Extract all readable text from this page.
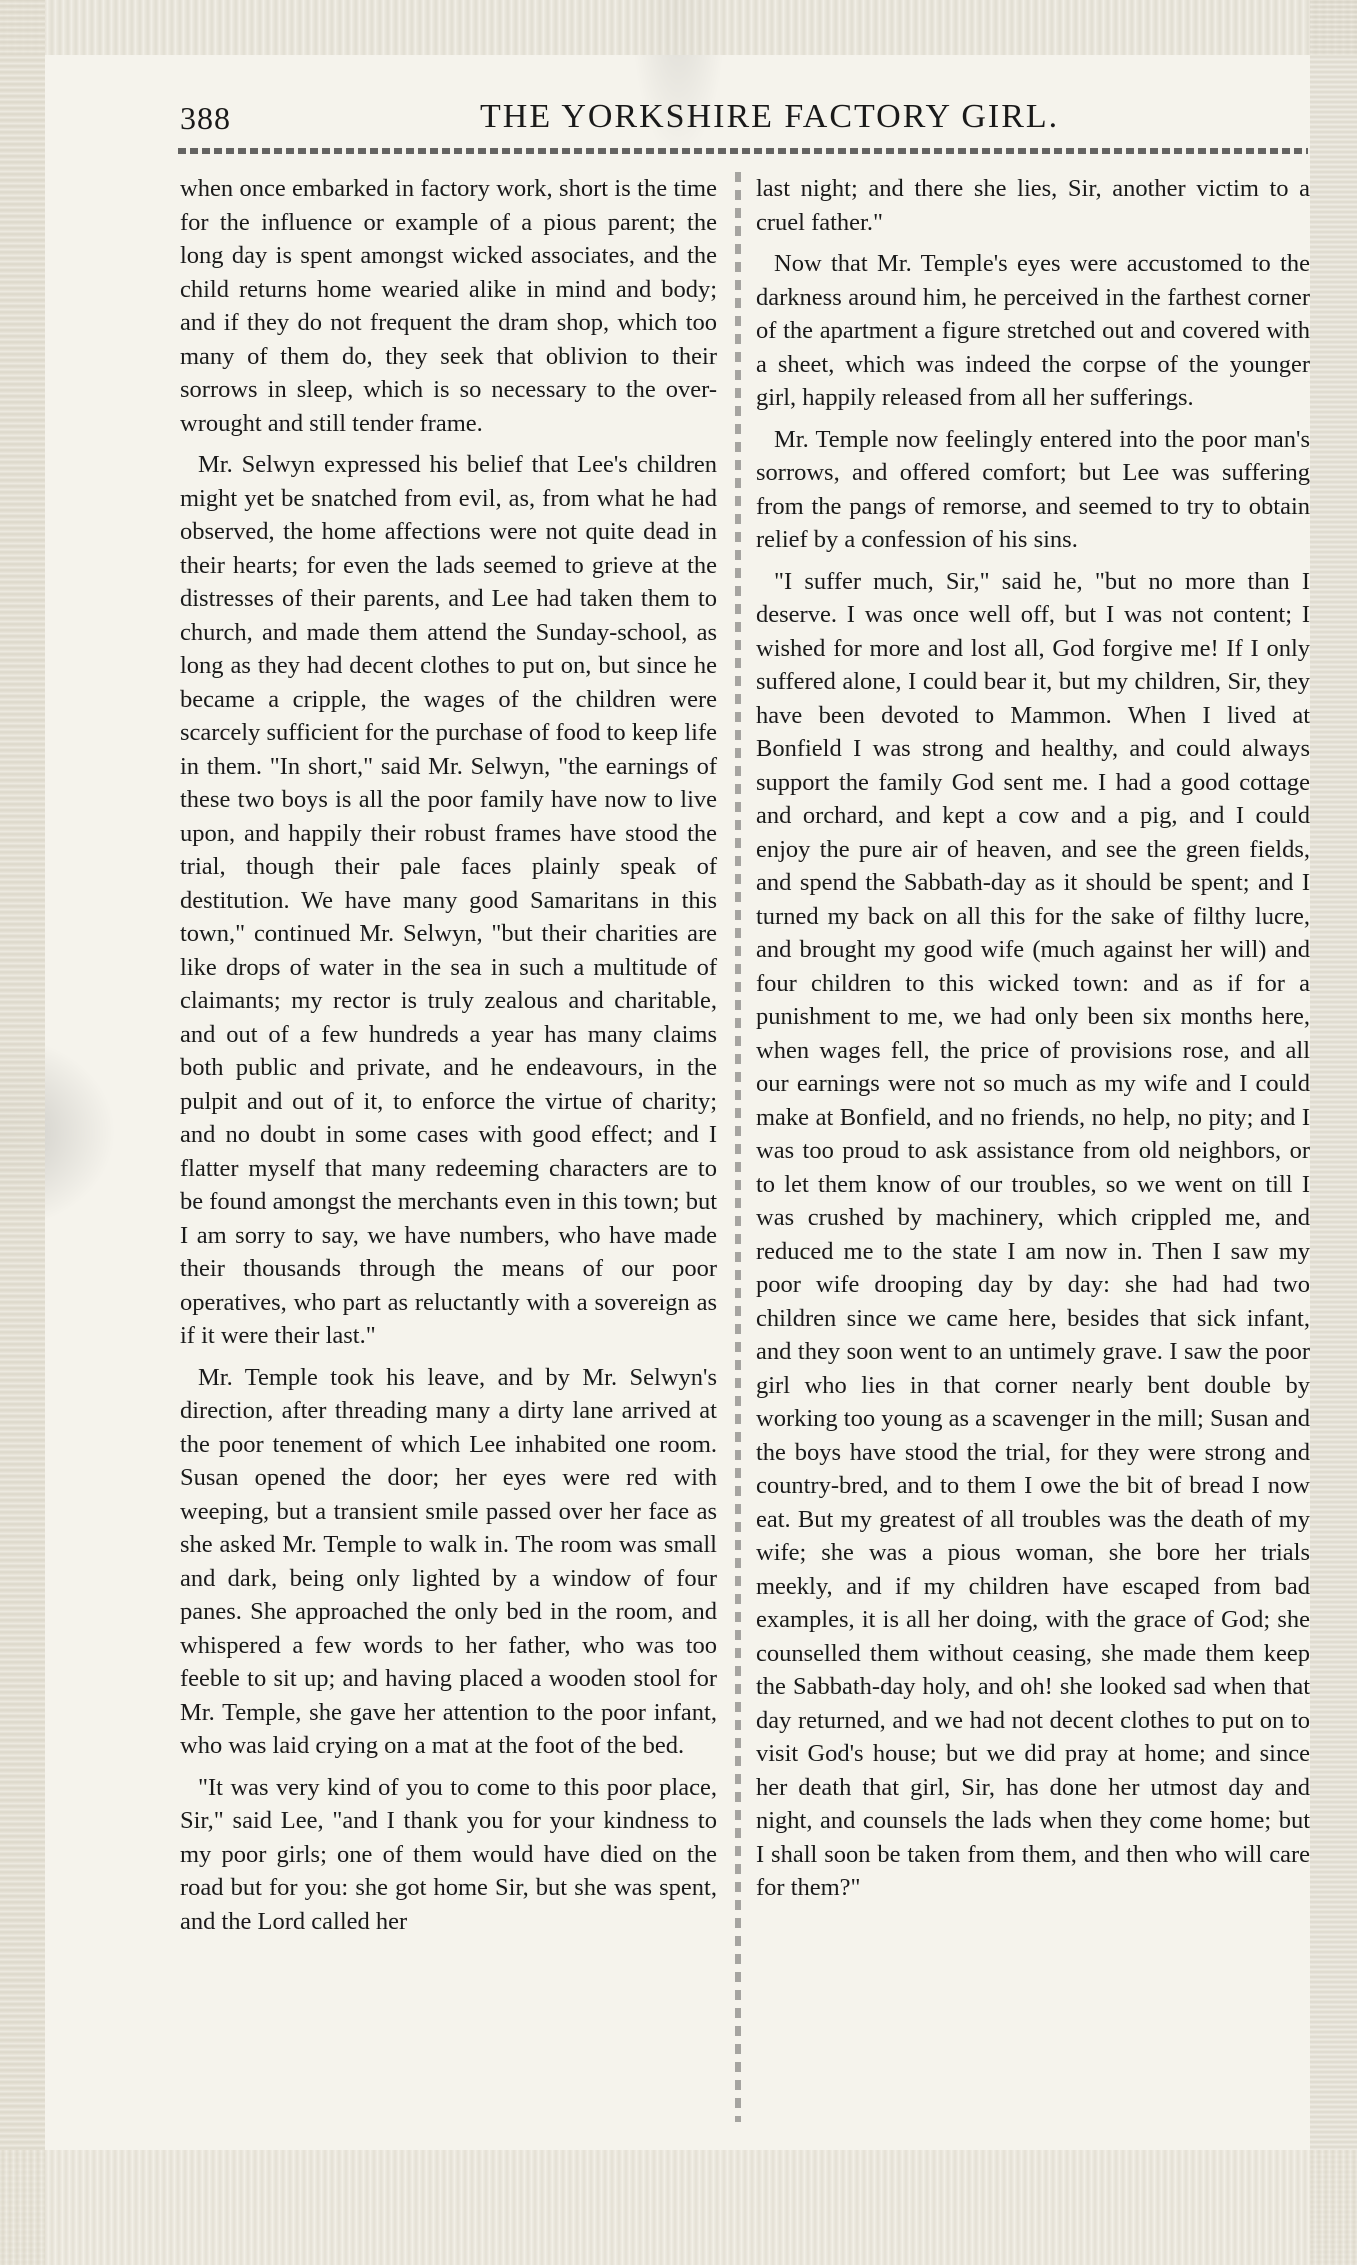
388	THE YORKSHIRE FACTORY GIRL.

when once embarked in factory work, short is the time for the influence or example of a pious parent; the long day is spent amongst wicked associates, and the child returns home wearied alike in mind and body; and if they do not frequent the dram shop, which too many of them do, they seek that oblivion to their sorrows in sleep, which is so necessary to the over-wrought and still tender frame.

Mr. Selwyn expressed his belief that Lee's children might yet be snatched from evil, as, from what he had observed, the home affections were not quite dead in their hearts; for even the lads seemed to grieve at the distresses of their parents, and Lee had taken them to church, and made them attend the Sunday-school, as long as they had decent clothes to put on, but since he became a cripple, the wages of the children were scarcely sufficient for the purchase of food to keep life in them. "In short," said Mr. Selwyn, "the earnings of these two boys is all the poor family have now to live upon, and happily their robust frames have stood the trial, though their pale faces plainly speak of destitution. We have many good Samaritans in this town," continued Mr. Selwyn, "but their charities are like drops of water in the sea in such a multitude of claimants; my rector is truly zealous and charitable, and out of a few hundreds a year has many claims both public and private, and he endeavours, in the pulpit and out of it, to enforce the virtue of charity; and no doubt in some cases with good effect; and I flatter myself that many redeeming characters are to be found amongst the merchants even in this town; but I am sorry to say, we have numbers, who have made their thousands through the means of our poor operatives, who part as reluctantly with a sovereign as if it were their last."

Mr. Temple took his leave, and by Mr. Selwyn's direction, after threading many a dirty lane arrived at the poor tenement of which Lee inhabited one room. Susan opened the door; her eyes were red with weeping, but a transient smile passed over her face as she asked Mr. Temple to walk in. The room was small and dark, being only lighted by a window of four panes. She approached the only bed in the room, and whispered a few words to her father, who was too feeble to sit up; and having placed a wooden stool for Mr. Temple, she gave her attention to the poor infant, who was laid crying on a mat at the foot of the bed.

"It was very kind of you to come to this poor place, Sir," said Lee, "and I thank you for your kindness to my poor girls; one of them would have died on the road but for you: she got home Sir, but she was spent, and the Lord called her

last night; and there she lies, Sir, another victim to a cruel father."

Now that Mr. Temple's eyes were accustomed to the darkness around him, he perceived in the farthest corner of the apartment a figure stretched out and covered with a sheet, which was indeed the corpse of the younger girl, happily released from all her sufferings.

Mr. Temple now feelingly entered into the poor man's sorrows, and offered comfort; but Lee was suffering from the pangs of remorse, and seemed to try to obtain relief by a confession of his sins.

"I suffer much, Sir," said he, "but no more than I deserve. I was once well off, but I was not content; I wished for more and lost all, God forgive me! If I only suffered alone, I could bear it, but my children, Sir, they have been devoted to Mammon. When I lived at Bonfield I was strong and healthy, and could always support the family God sent me. I had a good cottage and orchard, and kept a cow and a pig, and I could enjoy the pure air of heaven, and see the green fields, and spend the Sabbath-day as it should be spent; and I turned my back on all this for the sake of filthy lucre, and brought my good wife (much against her will) and four children to this wicked town: and as if for a punishment to me, we had only been six months here, when wages fell, the price of provisions rose, and all our earnings were not so much as my wife and I could make at Bonfield, and no friends, no help, no pity; and I was too proud to ask assistance from old neighbors, or to let them know of our troubles, so we went on till I was crushed by machinery, which crippled me, and reduced me to the state I am now in. Then I saw my poor wife drooping day by day: she had had two children since we came here, besides that sick infant, and they soon went to an untimely grave. I saw the poor girl who lies in that corner nearly bent double by working too young as a scavenger in the mill; Susan and the boys have stood the trial, for they were strong and country-bred, and to them I owe the bit of bread I now eat. But my greatest of all troubles was the death of my wife; she was a pious woman, she bore her trials meekly, and if my children have escaped from bad examples, it is all her doing, with the grace of God; she counselled them without ceasing, she made them keep the Sabbath-day holy, and oh! she looked sad when that day returned, and we had not decent clothes to put on to visit God's house; but we did pray at home; and since her death that girl, Sir, has done her utmost day and night, and counsels the lads when they come home; but I shall soon be taken from them, and then who will care for them?"
